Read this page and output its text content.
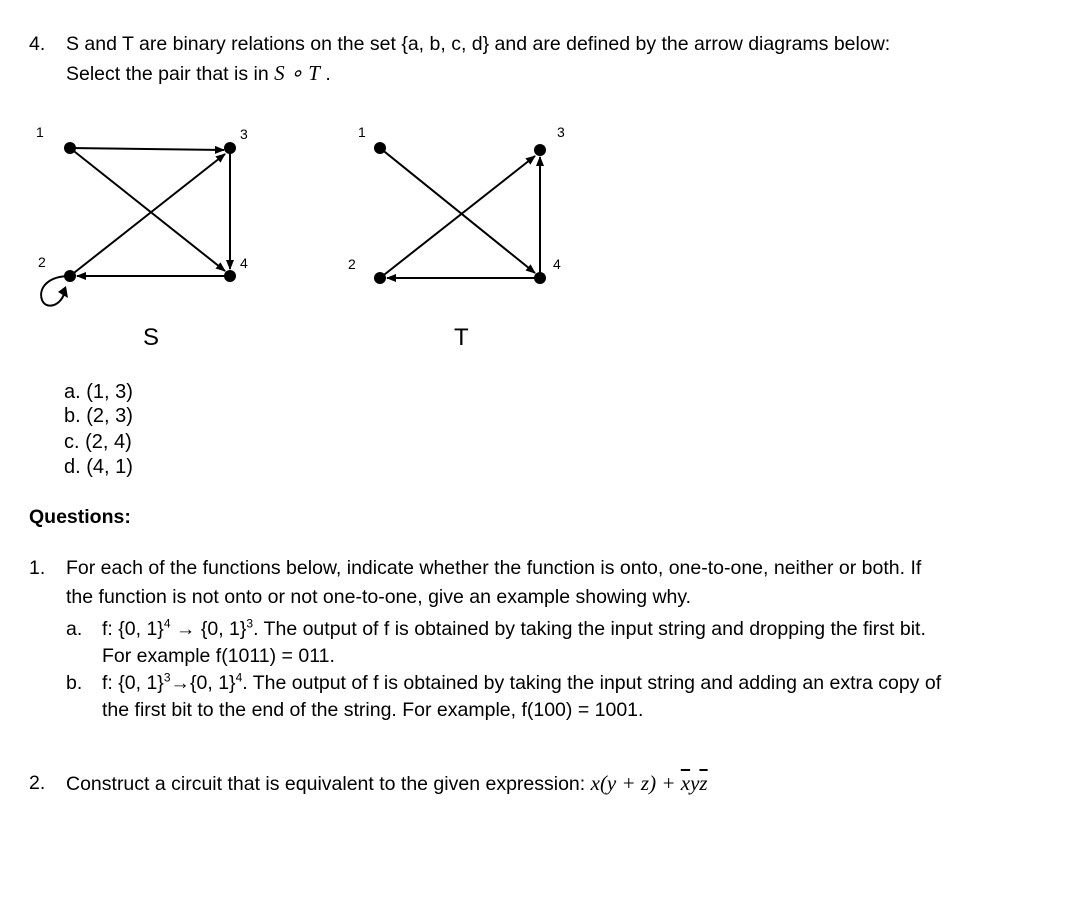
4. S and T are binary relations on the set {a, b, c, d} and are defined by the arrow diagrams below:
Select the pair that is in S ∘ T .
1	3
2	4
S
1	3
2	4
T
a. (1, 3)
b. (2, 3)
c. (2, 4)
d. (4, 1)
Questions:
1. For each of the functions below, indicate whether the function is onto, one-to-one, neither or both. If
the function is not onto or not one-to-one, give an example showing why.
a. f: {0, 1}$^4$ → {0, 1}$^3$. The output of f is obtained by taking the input string and dropping the first bit.
For example f(1011) = 011.
b. f: {0, 1}$^3$→{0, 1}$^4$. The output of f is obtained by taking the input string and adding an extra copy of
the first bit to the end of the string. For example, f(100) = 1001.
2. Construct a circuit that is equivalent to the given expression: $x(y + z) + \overline{x}y\overline{z}$
